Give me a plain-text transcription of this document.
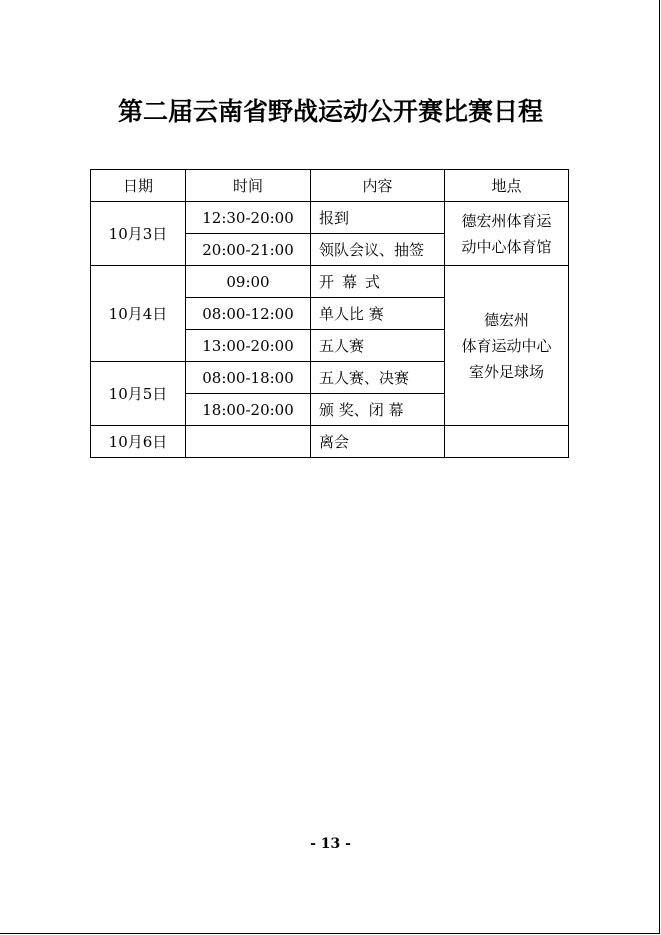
第二届云南省野战运动公开赛比赛日程
日期	时间	内容	地点
10月3日	12:30-20:00	报到	德宏州体育运
动中心体育馆
	20:00-21:00	领队会议、抽签	
10月4日	09:00	开幕式	德宏州
体育运动中心
室外足球场
	08:00-12:00	单人比 赛	
	13:00-20:00	五人赛	
10月5日	08:00-18:00	五人赛、决赛	
	18:00-20:00	颁 奖、闭 幕	
10月6日		离会	
- 13 -
